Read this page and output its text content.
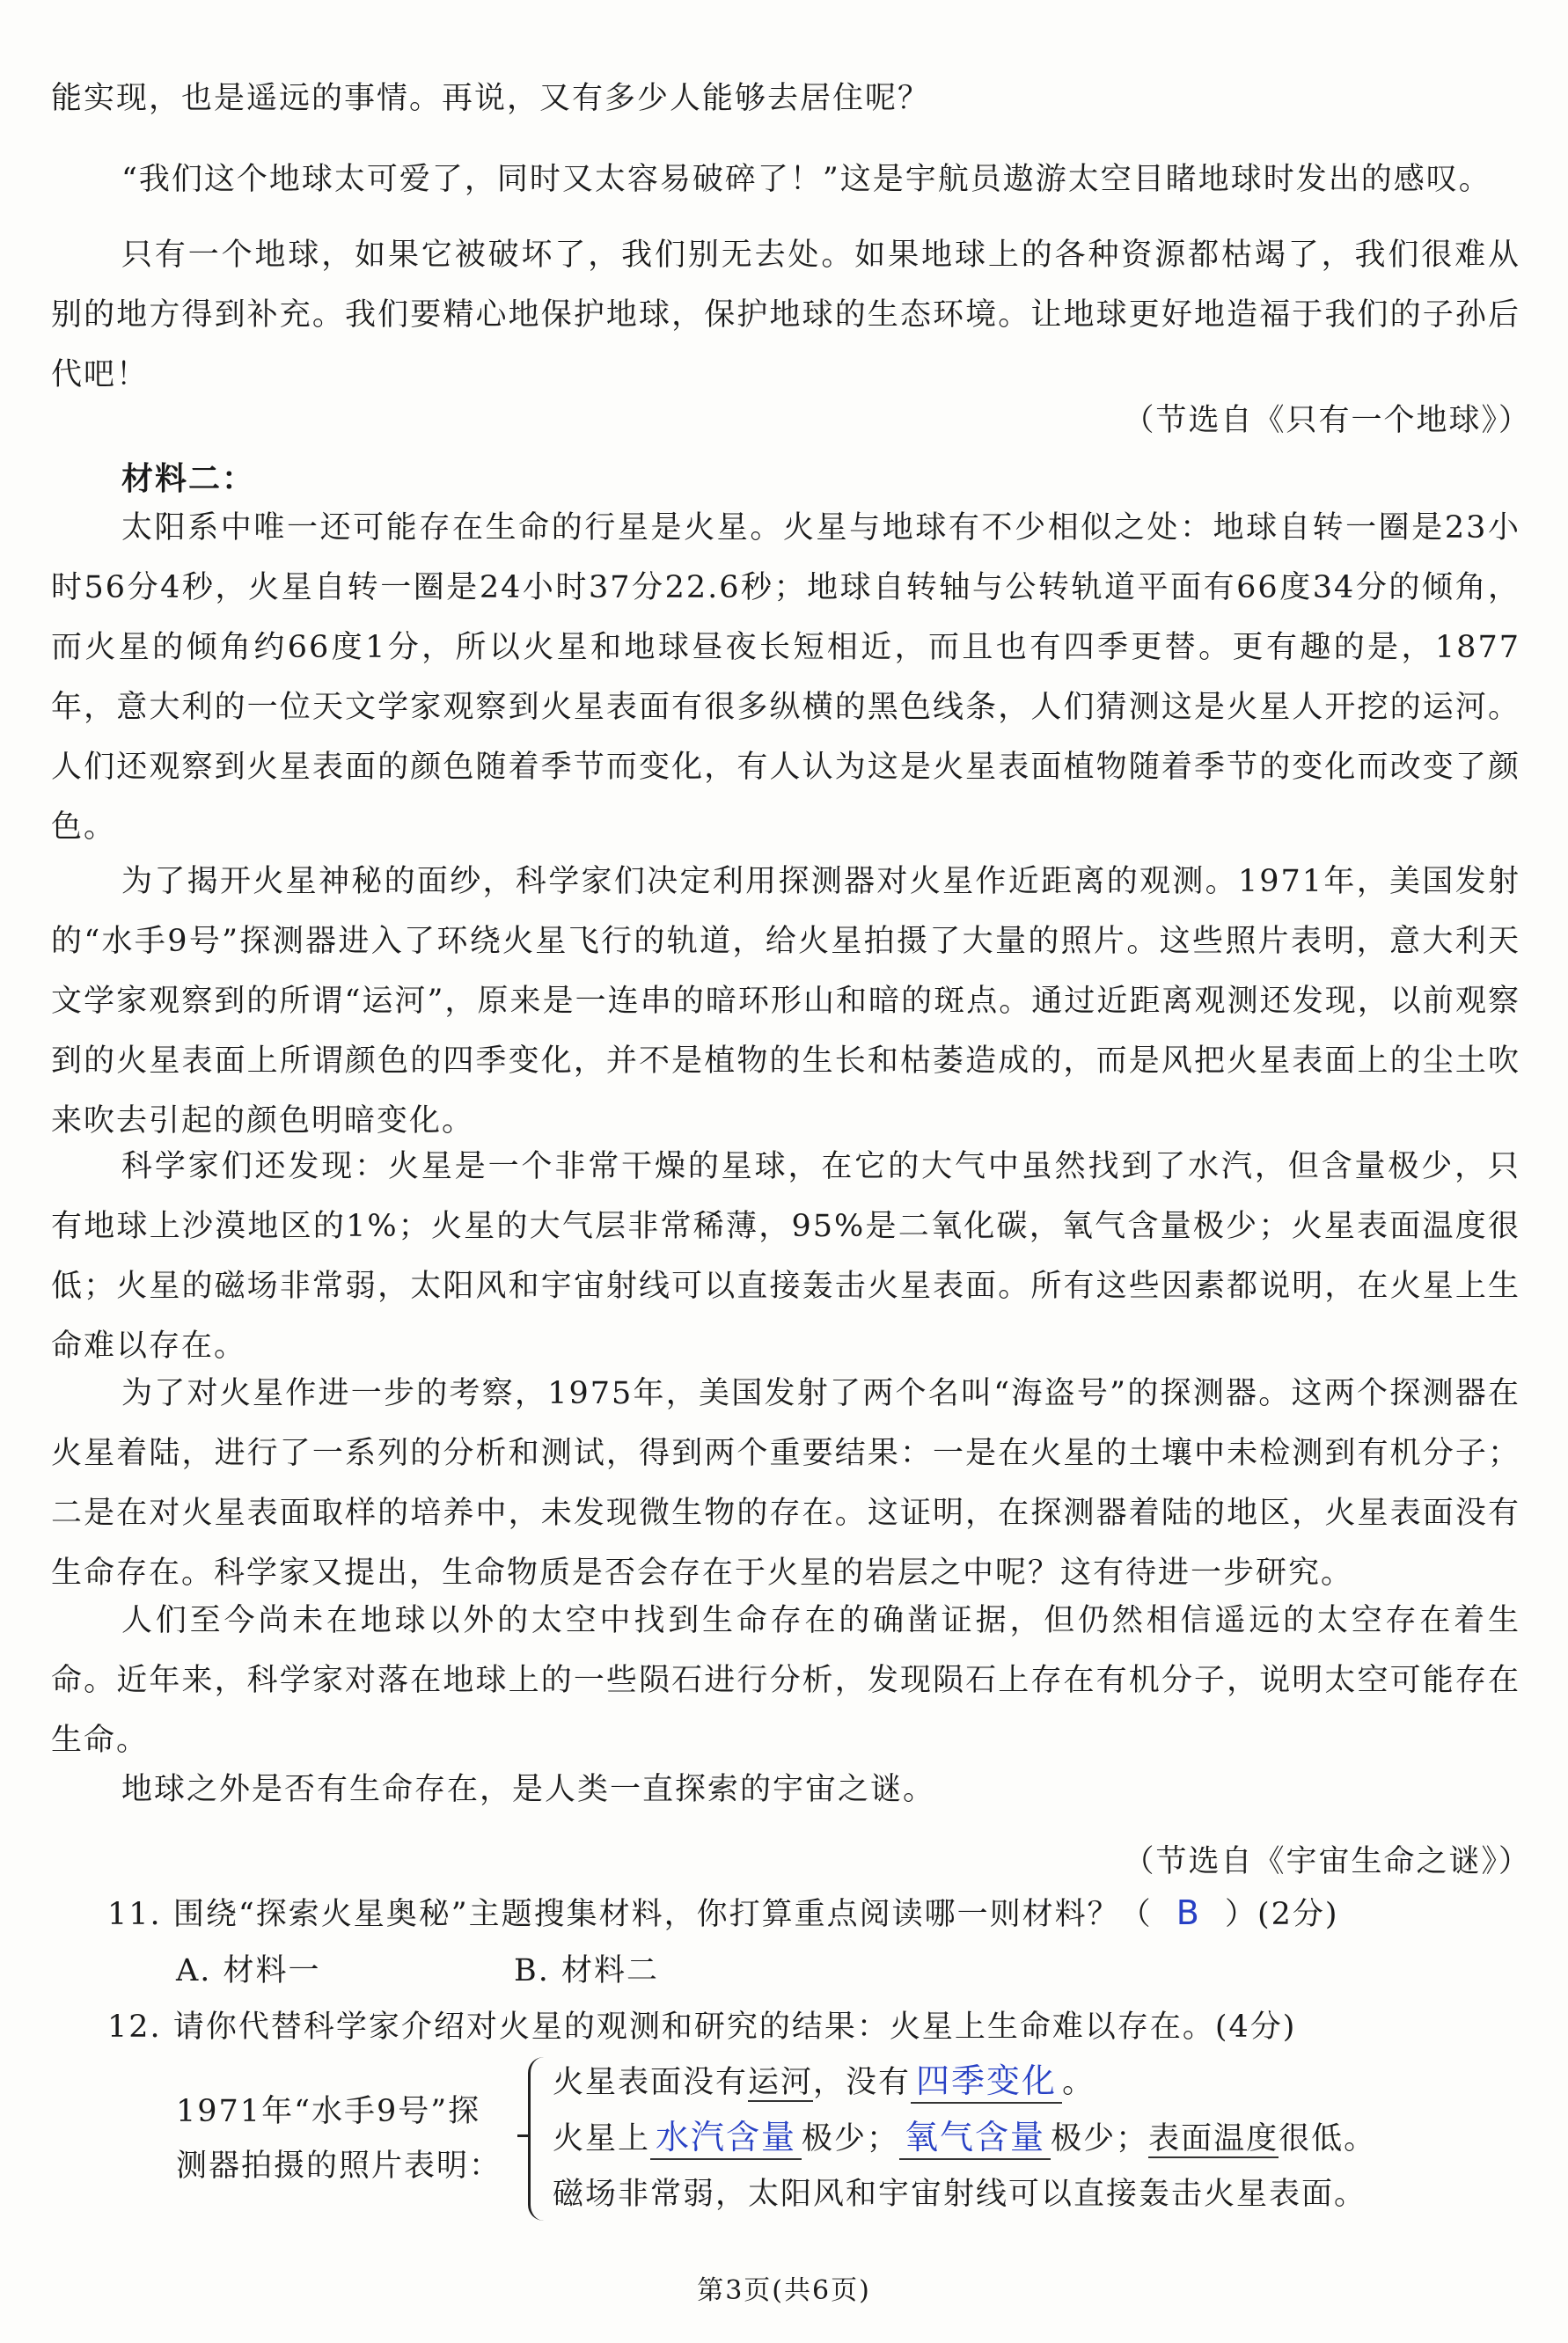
能实现，也是遥远的事情。再说，又有多少人能够去居住呢？

“我们这个地球太可爱了，同时又太容易破碎了！”这是宇航员遨游太空目睹地球时发出的感叹。

只有一个地球，如果它被破坏了，我们别无去处。如果地球上的各种资源都枯竭了，我们很难从别的地方得到补充。我们要精心地保护地球，保护地球的生态环境。让地球更好地造福于我们的子孙后代吧！

（节选自《只有一个地球》）

材料二：

太阳系中唯一还可能存在生命的行星是火星。火星与地球有不少相似之处：地球自转一圈是23小时56分4秒，火星自转一圈是24小时37分22.6秒；地球自转轴与公转轨道平面有66度34分的倾角，而火星的倾角约66度1分，所以火星和地球昼夜长短相近，而且也有四季更替。更有趣的是，1877年，意大利的一位天文学家观察到火星表面有很多纵横的黑色线条，人们猜测这是火星人开挖的运河。人们还观察到火星表面的颜色随着季节而变化，有人认为这是火星表面植物随着季节的变化而改变了颜色。

为了揭开火星神秘的面纱，科学家们决定利用探测器对火星作近距离的观测。1971年，美国发射的“水手9号”探测器进入了环绕火星飞行的轨道，给火星拍摄了大量的照片。这些照片表明，意大利天文学家观察到的所谓“运河”，原来是一连串的暗环形山和暗的斑点。通过近距离观测还发现，以前观察到的火星表面上所谓颜色的四季变化，并不是植物的生长和枯萎造成的，而是风把火星表面上的尘土吹来吹去引起的颜色明暗变化。

科学家们还发现：火星是一个非常干燥的星球，在它的大气中虽然找到了水汽，但含量极少，只有地球上沙漠地区的1%；火星的大气层非常稀薄，95%是二氧化碳，氧气含量极少；火星表面温度很低；火星的磁场非常弱，太阳风和宇宙射线可以直接轰击火星表面。所有这些因素都说明，在火星上生命难以存在。

为了对火星作进一步的考察，1975年，美国发射了两个名叫“海盗号”的探测器。这两个探测器在火星着陆，进行了一系列的分析和测试，得到两个重要结果：一是在火星的土壤中未检测到有机分子；二是在对火星表面取样的培养中，未发现微生物的存在。这证明，在探测器着陆的地区，火星表面没有生命存在。科学家又提出，生命物质是否会存在于火星的岩层之中呢？这有待进一步研究。

人们至今尚未在地球以外的太空中找到生命存在的确凿证据，但仍然相信遥远的太空存在着生命。近年来，科学家对落在地球上的一些陨石进行分析，发现陨石上存在有机分子，说明太空可能存在生命。

地球之外是否有生命存在，是人类一直探索的宇宙之谜。

（节选自《宇宙生命之谜》）

11. 围绕“探索火星奥秘”主题搜集材料，你打算重点阅读哪一则材料？（ B ）(2分)

A. 材料一	B. 材料二

12. 请你代替科学家介绍对火星的观测和研究的结果：火星上生命难以存在。(4分)

1971年“水手9号”探

测器拍摄的照片表明：

火星表面没有运河，没有 四季变化 。

火星上 水汽含量 极少； 氧气含量 极少；表面温度很低。

磁场非常弱，太阳风和宇宙射线可以直接轰击火星表面。

第3页(共6页)
